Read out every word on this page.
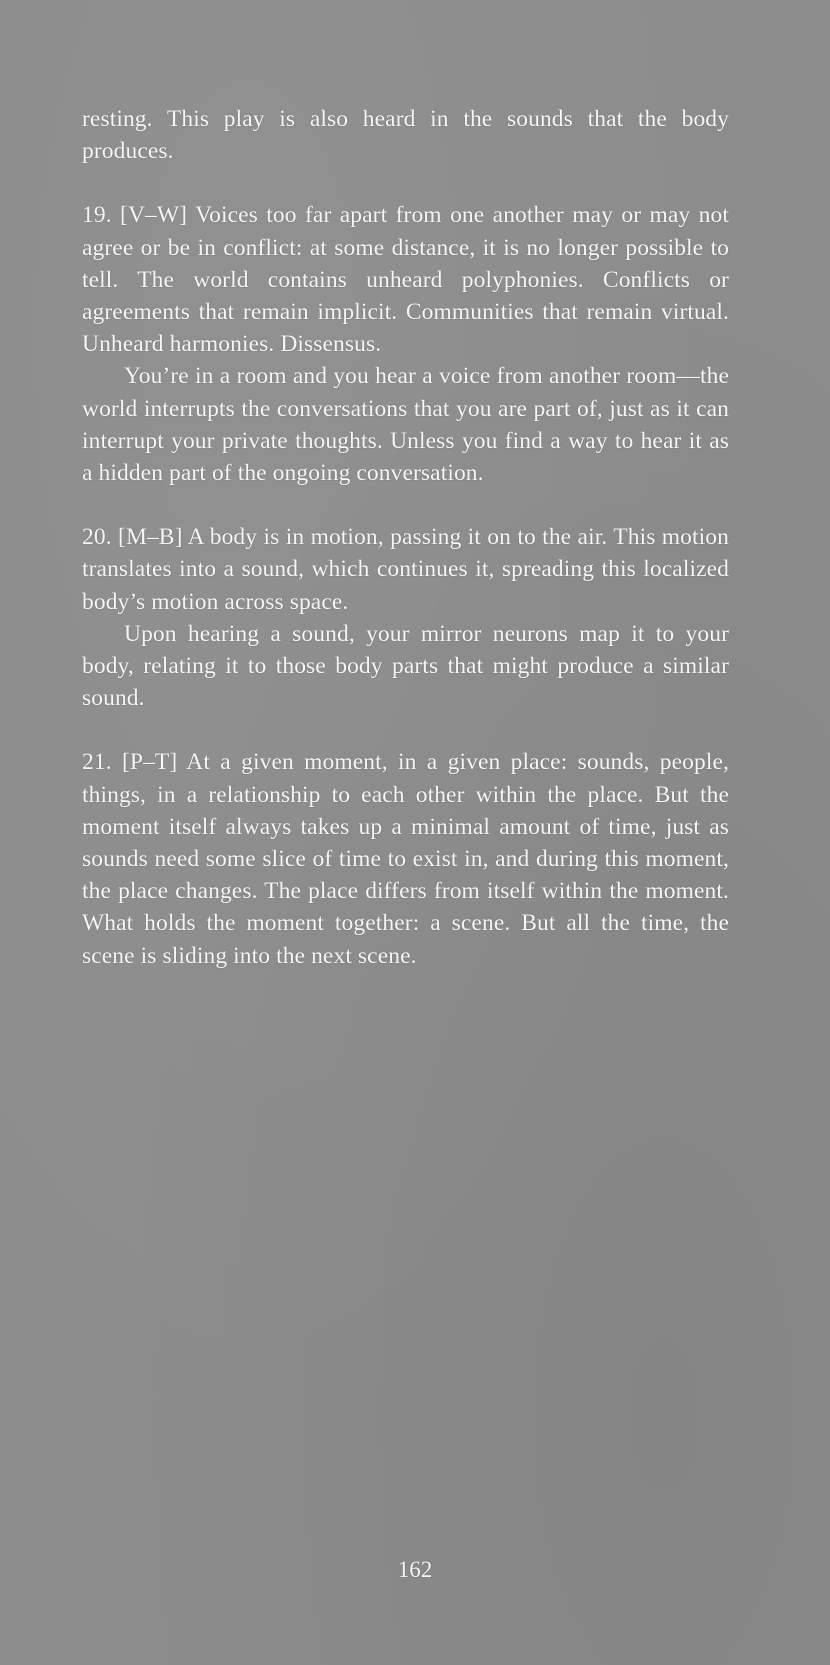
resting. This play is also heard in the sounds that the body produces.

19. [V–W] Voices too far apart from one another may or may not agree or be in conflict: at some distance, it is no longer possible to tell. The world contains unheard polyphonies. Conflicts or agreements that remain implicit. Communities that remain virtual. Unheard harmonies. Dissensus.

You’re in a room and you hear a voice from another room—the world interrupts the conversations that you are part of, just as it can interrupt your private thoughts. Unless you find a way to hear it as a hidden part of the ongoing conversation.

20. [M–B] A body is in motion, passing it on to the air. This motion translates into a sound, which continues it, spreading this localized body’s motion across space.

Upon hearing a sound, your mirror neurons map it to your body, relating it to those body parts that might produce a similar sound.

21. [P–T] At a given moment, in a given place: sounds, people, things, in a relationship to each other within the place. But the moment itself always takes up a minimal amount of time, just as sounds need some slice of time to exist in, and during this moment, the place changes. The place differs from itself within the moment. What holds the moment together: a scene. But all the time, the scene is sliding into the next scene.

162
